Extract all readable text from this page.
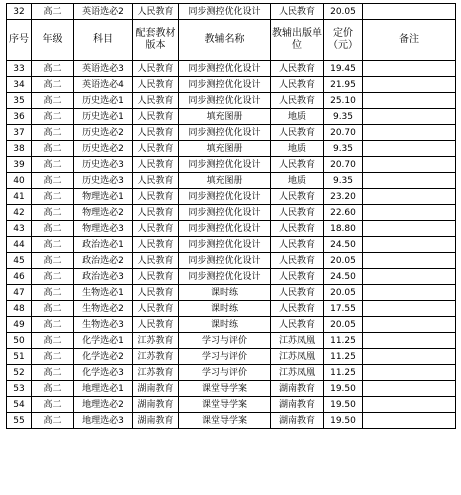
32	高二	英语选必2	人民教育	同步测控优化设计	人民教育	20.05	
序号	年级	科目	配套教材版本	教辅名称	教辅出版单位	定价（元）	备注
33	高二	英语选必3	人民教育	同步测控优化设计	人民教育	19.45	
34	高二	英语选必4	人民教育	同步测控优化设计	人民教育	21.95	
35	高二	历史选必1	人民教育	同步测控优化设计	人民教育	25.10	
36	高二	历史选必1	人民教育	填充图册	地质	9.35	
37	高二	历史选必2	人民教育	同步测控优化设计	人民教育	20.70	
38	高二	历史选必2	人民教育	填充图册	地质	9.35	
39	高二	历史选必3	人民教育	同步测控优化设计	人民教育	20.70	
40	高二	历史选必3	人民教育	填充图册	地质	9.35	
41	高二	物理选必1	人民教育	同步测控优化设计	人民教育	23.20	
42	高二	物理选必2	人民教育	同步测控优化设计	人民教育	22.60	
43	高二	物理选必3	人民教育	同步测控优化设计	人民教育	18.80	
44	高二	政治选必1	人民教育	同步测控优化设计	人民教育	24.50	
45	高二	政治选必2	人民教育	同步测控优化设计	人民教育	20.05	
46	高二	政治选必3	人民教育	同步测控优化设计	人民教育	24.50	
47	高二	生物选必1	人民教育	课时练	人民教育	20.05	
48	高二	生物选必2	人民教育	课时练	人民教育	17.55	
49	高二	生物选必3	人民教育	课时练	人民教育	20.05	
50	高二	化学选必1	江苏教育	学习与评价	江苏凤凰	11.25	
51	高二	化学选必2	江苏教育	学习与评价	江苏凤凰	11.25	
52	高二	化学选必3	江苏教育	学习与评价	江苏凤凰	11.25	
53	高二	地理选必1	湖南教育	课堂导学案	湖南教育	19.50	
54	高二	地理选必2	湖南教育	课堂导学案	湖南教育	19.50	
55	高二	地理选必3	湖南教育	课堂导学案	湖南教育	19.50	
